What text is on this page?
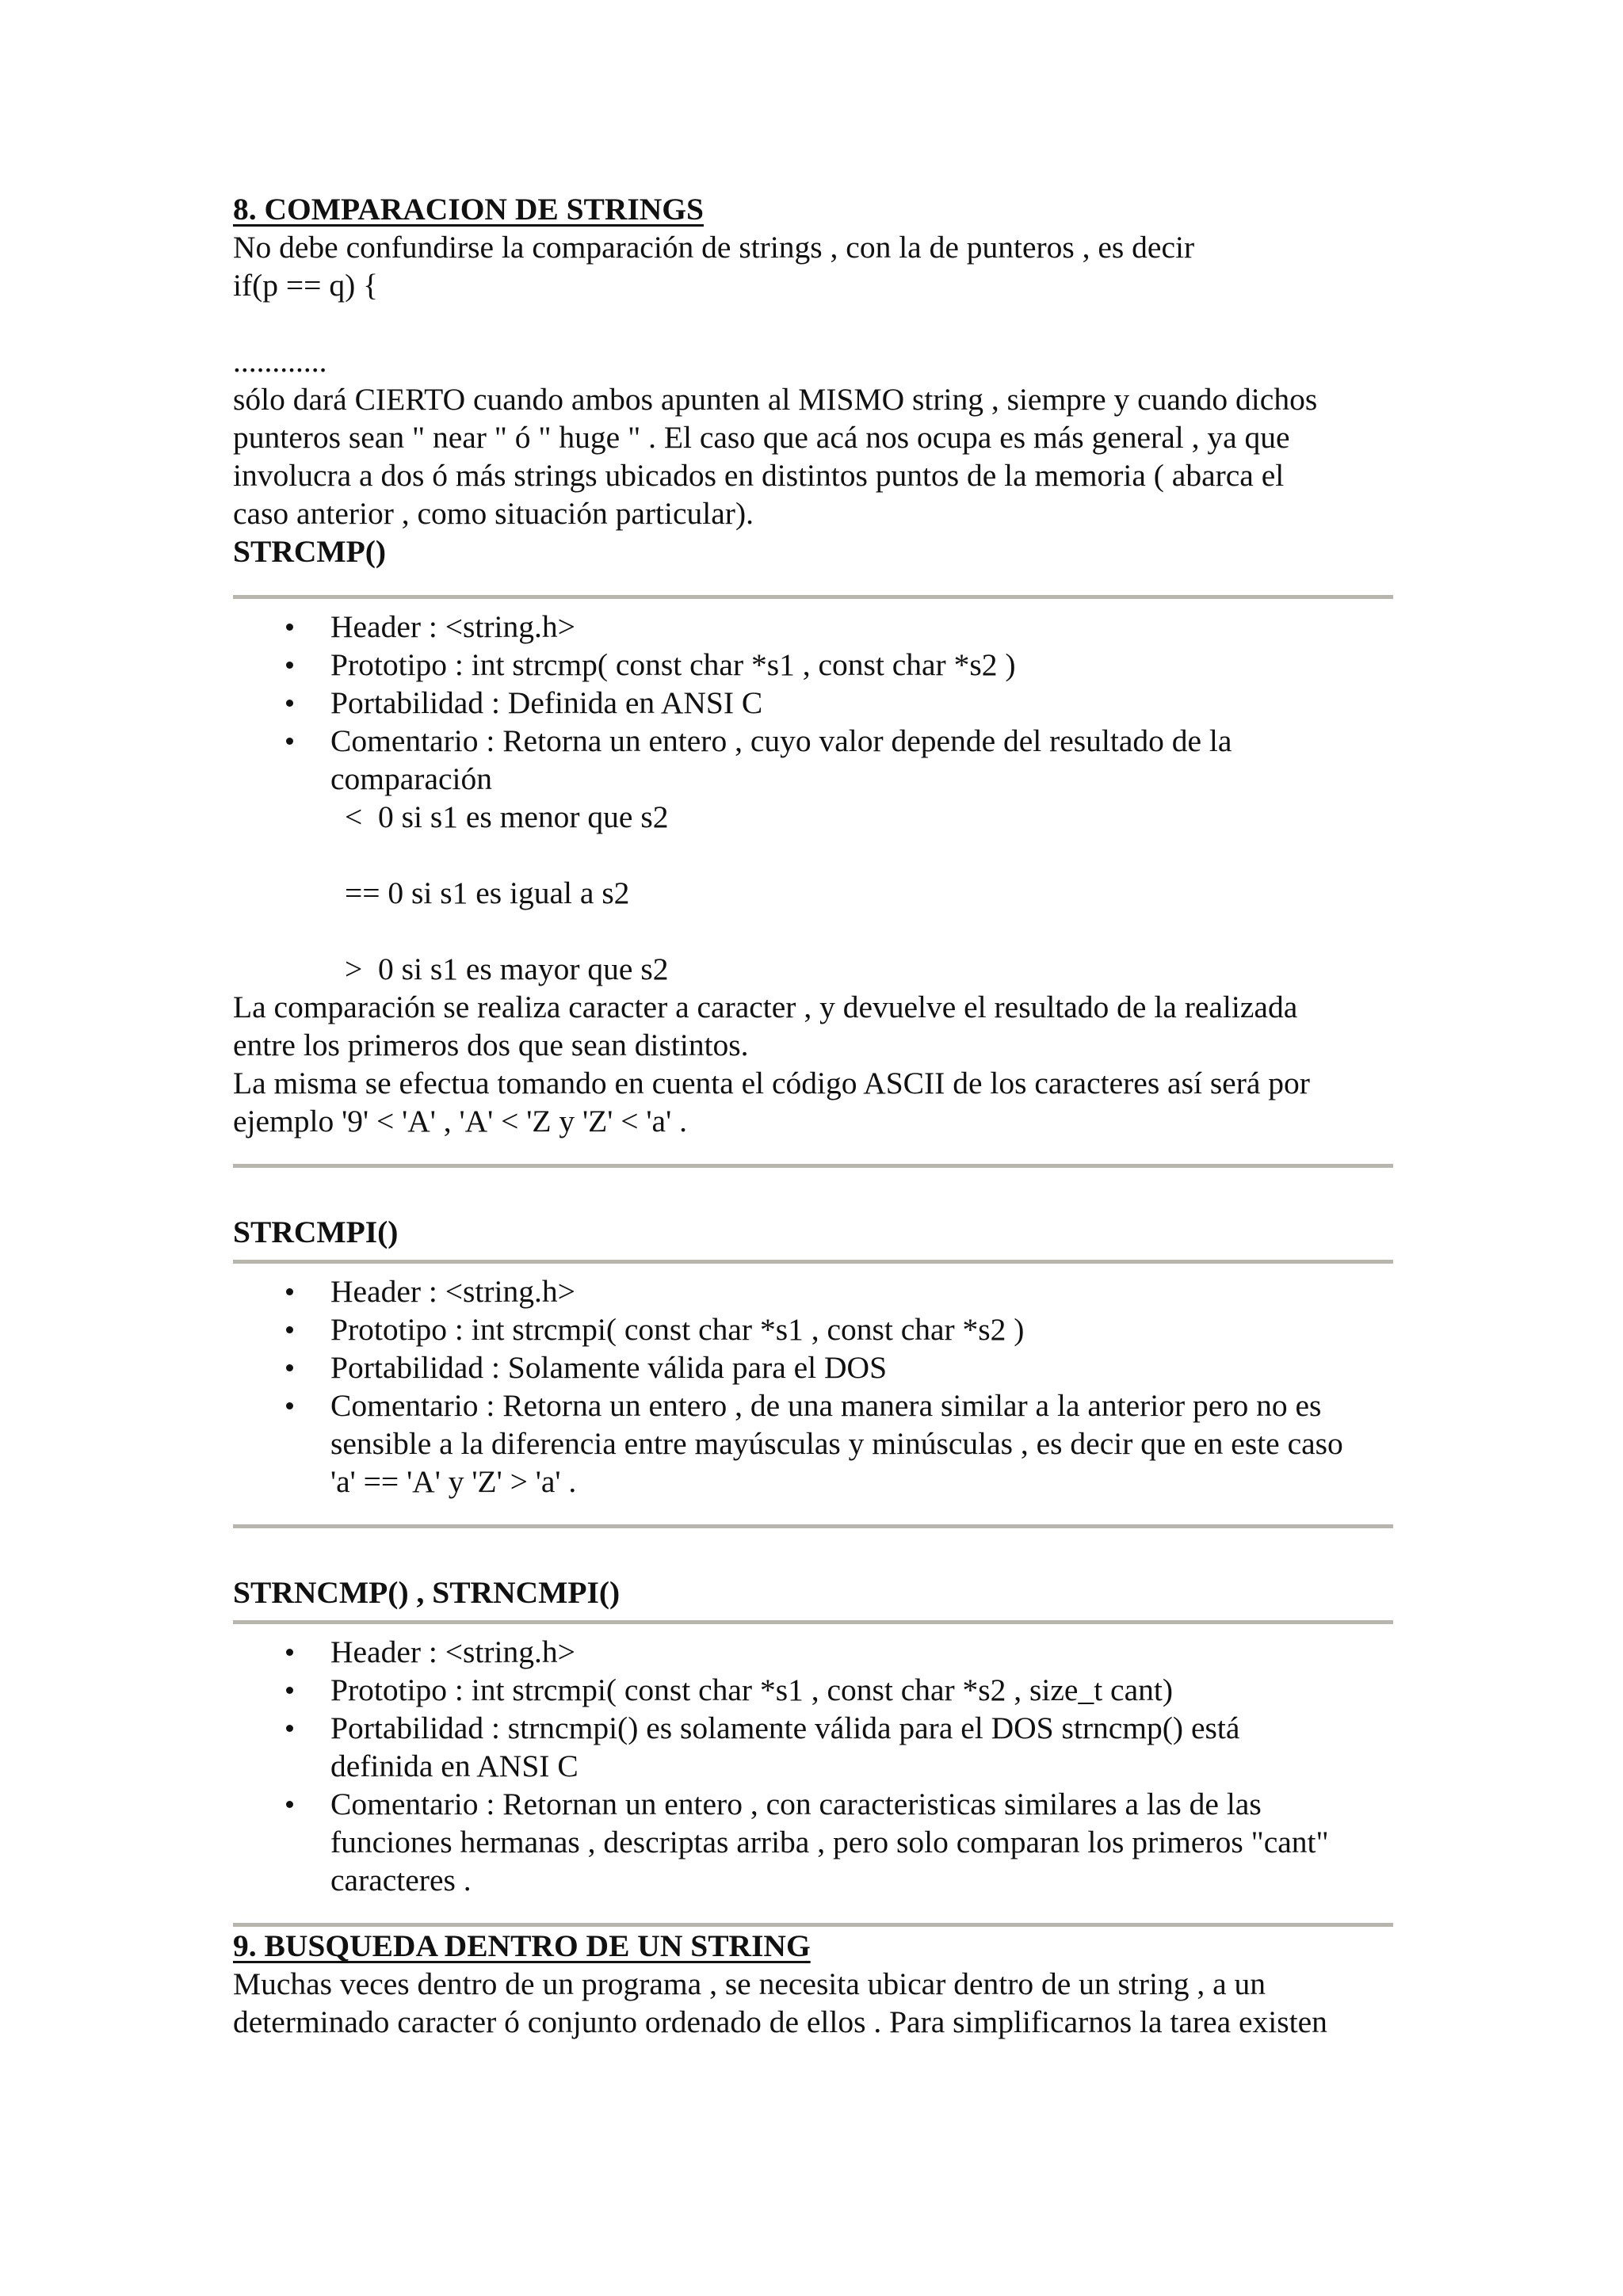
8. COMPARACION DE STRINGS

No debe confundirse la comparación de strings , con la de punteros , es decir

if(p == q) {

............

sólo dará CIERTO cuando ambos apunten al MISMO string , siempre y cuando dichos

punteros sean " near " ó " huge " . El caso que acá nos ocupa es más general , ya que

involucra a dos ó más strings ubicados en distintos puntos de la memoria ( abarca el

caso anterior , como situación particular).

STRCMP()

Header : <string.h>
Prototipo : int strcmp( const char *s1 , const char *s2 )
Portabilidad : Definida en ANSI C
Comentario : Retorna un entero , cuyo valor depende del resultado de la
comparación

<  0 si s1 es menor que s2

== 0 si s1 es igual a s2

>  0 si s1 es mayor que s2

La comparación se realiza caracter a caracter , y devuelve el resultado de la realizada

entre los primeros dos que sean distintos.

La misma se efectua tomando en cuenta el código ASCII de los caracteres así será por

ejemplo '9' < 'A' , 'A' < 'Z y 'Z' < 'a' .

STRCMPI()

Header : <string.h>
Prototipo : int strcmpi( const char *s1 , const char *s2 )
Portabilidad : Solamente válida para el DOS
Comentario : Retorna un entero , de una manera similar a la anterior pero no es
sensible a la diferencia entre mayúsculas y minúsculas , es decir que en este caso
'a' == 'A' y 'Z' > 'a' .

STRNCMP() , STRNCMPI()

Header : <string.h>
Prototipo : int strcmpi( const char *s1 , const char *s2 , size_t cant)
Portabilidad : strncmpi() es solamente válida para el DOS strncmp() está
definida en ANSI C
Comentario : Retornan un entero , con caracteristicas similares a las de las
funciones hermanas , descriptas arriba , pero solo comparan los primeros "cant"
caracteres .

9. BUSQUEDA DENTRO DE UN STRING

Muchas veces dentro de un programa , se necesita ubicar dentro de un string , a un

determinado caracter ó conjunto ordenado de ellos . Para simplificarnos la tarea existen
